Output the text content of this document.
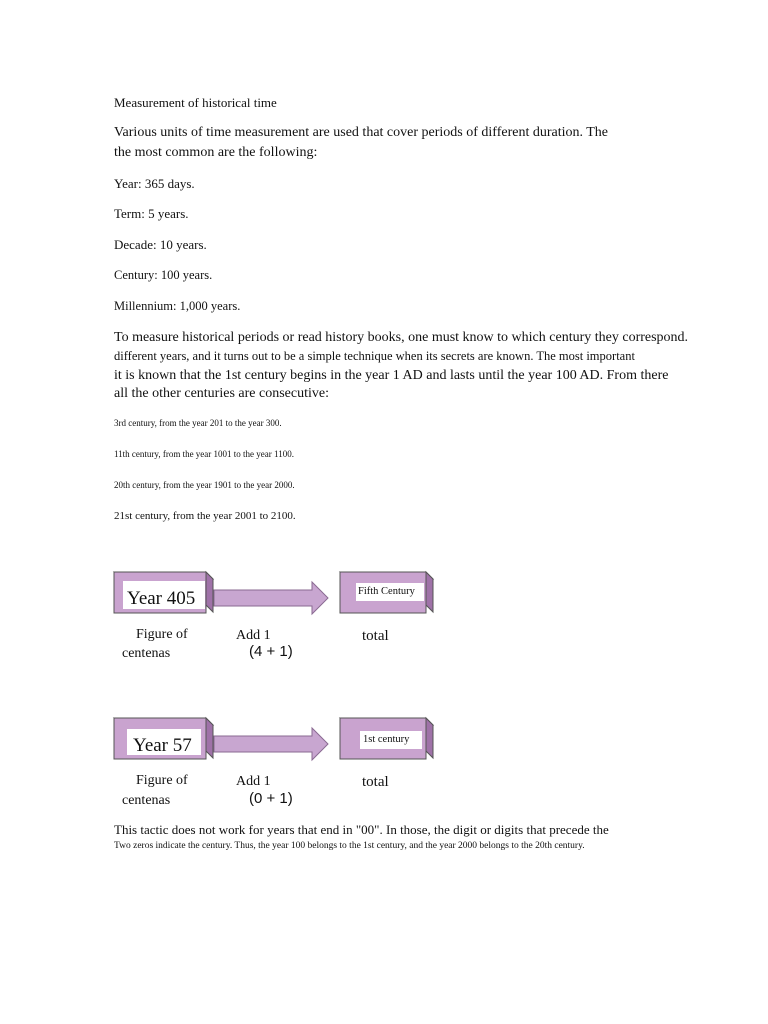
Measurement of historical time
Various units of time measurement are used that cover periods of different duration. The
the most common are the following:
Year: 365 days.
Term: 5 years.
Decade: 10 years.
Century: 100 years.
Millennium: 1,000 years.
To measure historical periods or read history books, one must know to which century they correspond.
different years, and it turns out to be a simple technique when its secrets are known. The most important
it is known that the 1st century begins in the year 1 AD and lasts until the year 100 AD. From there
all the other centuries are consecutive:
3rd century, from the year 201 to the year 300.
11th century, from the year 1001 to the year 1100.
20th century, from the year 1901 to the year 2000.
21st century, from the year 2001 to 2100.
Year 405	Fifth Century
Figure of
centenas
Add 1
(4 + 1)
total
Year 57	1st century
Figure of
centenas
Add 1
(0 + 1)
total
This tactic does not work for years that end in "00". In those, the digit or digits that precede the
Two zeros indicate the century. Thus, the year 100 belongs to the 1st century, and the year 2000 belongs to the 20th century.
